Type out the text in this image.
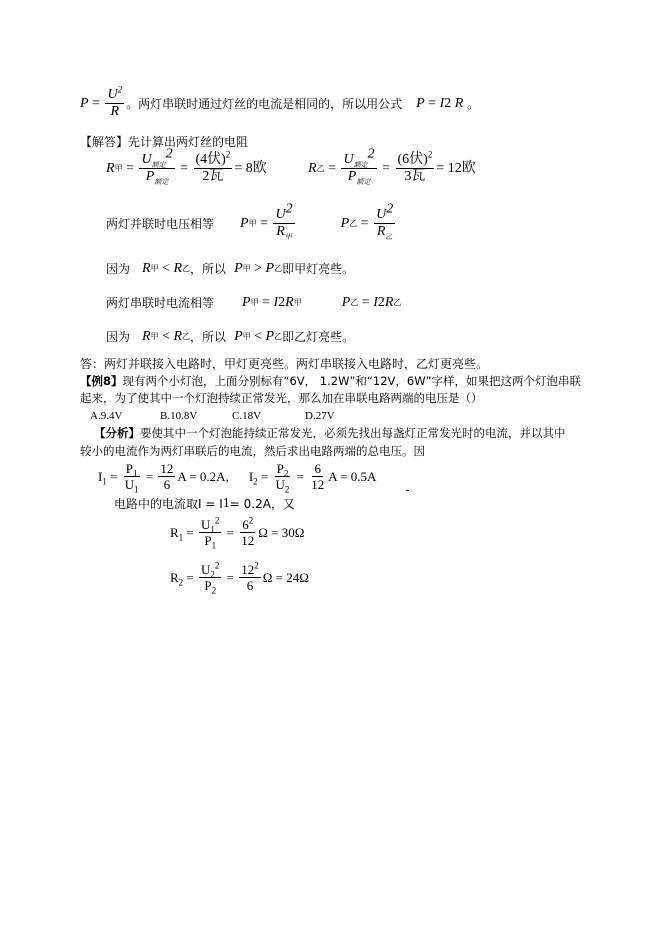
$P = \frac{U^2}{R}$ 。两灯串联时通过灯丝的电流是相同的，所以用公式 P = I 2 R 。
【解答】先计算出两灯丝的电阻
R 甲 = $\frac{U_{额定}^2}{P_{额定}} = \frac{(4伏)^2}{\text{2瓦}} = 8$欧	R 乙 = $\frac{U_{额定}^2}{P_{额定}} = \frac{(6伏)^2}{\text{3瓦}} = 12$欧
两灯并联时电压相等 P 甲 = $\frac{U^2}{R_甲}$	P 乙 = $\frac{U^2}{R_乙}$
因为 R 甲 < R 乙 ，所以 P 甲 > P 乙 即甲灯亮些。
两灯串联时电流相等 P 甲 = I 2 R 甲	P 乙 = I 2 R 乙
因为 R 甲 < R 乙 ，所以 P 甲 < P 乙 即乙灯亮些。
答：两灯并联接入电路时，甲灯更亮些。两灯串联接入电路时，乙灯更亮些。
【例8】现有两个小灯泡，上面分别标有“6V， 1.2W”和“12V，6W”字样，如果把这两个灯泡串联
起来，为了使其中一个灯泡持续正常发光，那么加在串联电路两端的电压是（）
A.9.4V	B.10.8V	C.18V	D.27V
【分析】要使其中一个灯泡能持续正常发光，必须先找出每盏灯正常发光时的电流，并以其中
较小的电流作为两灯串联后的电流，然后求出电路两端的总电压。因
$I_1 = \frac{P_1}{U_1} = \frac{12}{6}$ A = 0.2A, $I_2 = \frac{P_2}{U_2} = \frac{6}{12}$ A = 0.5A
电路中的电流取I = I 1 = 0.2A，又
$R_1 = \frac{U_1^2}{P_1} = \frac{6^2}{12}$ Ω = 30Ω
$R_2 = \frac{U_2^2}{P_2} = \frac{12^2}{6}$ Ω = 24Ω
